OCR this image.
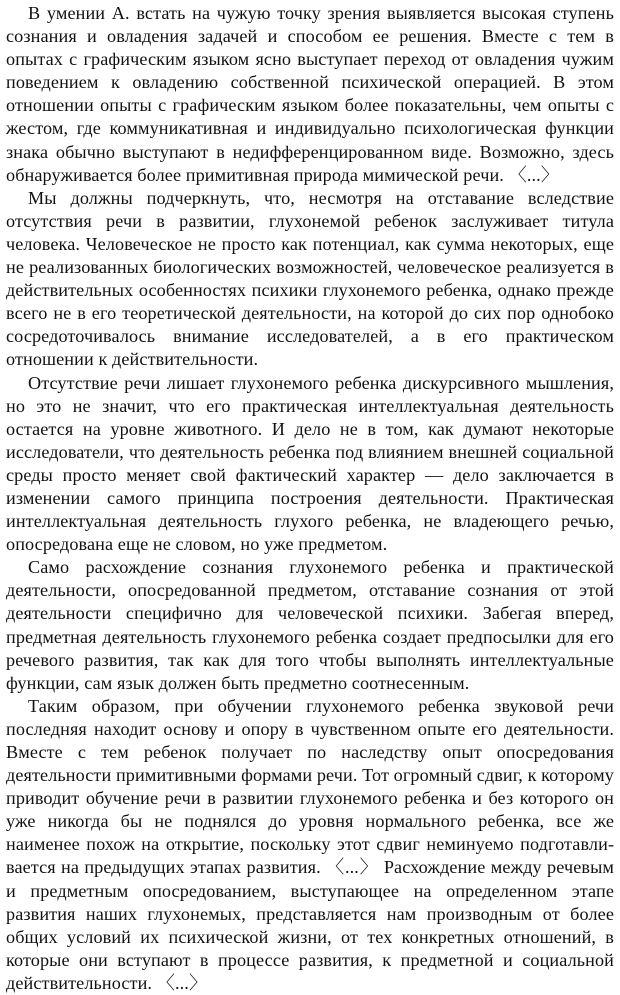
В умении А. встать на чужую точку зрения выявляется высокая ступень сознания и овладения задачей и способом ее решения. Вместе с тем в опытах с графическим языком ясно выступает переход от овладения чужим поведением к овладению собственной психической операцией. В этом отношении опыты с графическим языком более показательны, чем опыты с жестом, где коммуникативная и индивидуально психологическая функции знака обычно выступают в недифференцированном виде. Возможно, здесь обнаруживается более примитивная природа мимической речи. 〈...〉

Мы должны подчеркнуть, что, несмотря на отставание вследствие отсутствия речи в развитии, глухонемой ребенок заслуживает титула человека. Человеческое не просто как потенциал, как сумма некоторых, еще не реализованных биологических возможностей, человеческое реализуется в действительных особенностях психики глухонемого ребенка, однако прежде всего не в его теоретической деятельности, на которой до сих пор однобоко сосредоточивалось внимание исследователей, а в его практическом отношении к действительности.

Отсутствие речи лишает глухонемого ребенка дискурсивного мышления, но это не значит, что его практическая интеллектуальная деятельность остается на уровне животного. И дело не в том, как думают некоторые исследователи, что деятельность ребенка под влиянием внешней социальной среды просто меняет свой фактический характер — дело заключается в изменении самого принципа построения деятельности. Практическая интеллектуальная деятельность глухого ребенка, не владеющего речью, опосредована еще не словом, но уже предметом.

Само расхождение сознания глухонемого ребенка и практической деятельности, опосредованной предметом, отставание сознания от этой деятельности специфично для человеческой психики. Забегая вперед, предметная деятельность глухонемого ребенка создает предпосылки для его речевого развития, так как для того чтобы выполнять интеллектуальные функции, сам язык должен быть предметно соотнесенным.

Таким образом, при обучении глухонемого ребенка звуковой речи последняя находит основу и опору в чувственном опыте его деятельности. Вместе с тем ребенок получает по наследству опыт опосредования деятельности примитивными формами речи. Тот огромный сдвиг, к которому приводит обучение речи в развитии глухонемого ребенка и без которого он уже никогда бы не поднялся до уровня нормального ребенка, все же наименее похож на открытие, поскольку этот сдвиг неминуемо подготавливается на предыдущих этапах развития. 〈...〉 Расхождение между речевым и предметным опосредованием, выступающее на определенном этапе развития наших глухонемых, представляется нам производным от более общих условий их психической жизни, от тех конкретных отношений, в которые они вступают в процессе развития, к предметной и социальной действительности. 〈...〉
